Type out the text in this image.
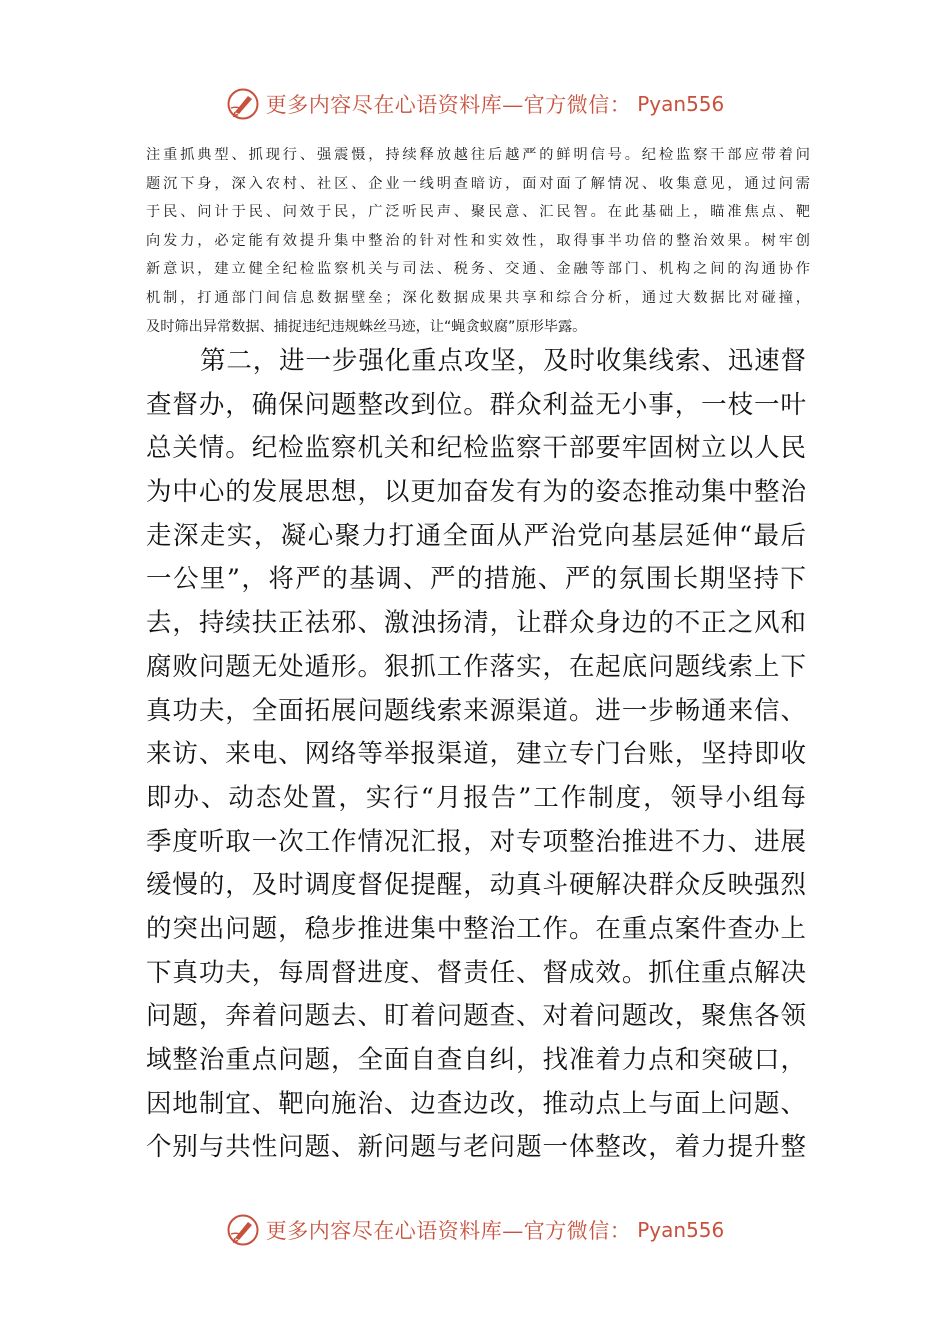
更多内容尽在心语资料库—官方微信： Pyan556
注重抓典型、抓现行、强震慑，持续释放越往后越严的鲜明信号。纪检监察干部应带着问
题沉下身，深入农村、社区、企业一线明查暗访，面对面了解情况、收集意见，通过问需
于民、问计于民、问效于民，广泛听民声、聚民意、汇民智。在此基础上，瞄准焦点、靶
向发力，必定能有效提升集中整治的针对性和实效性，取得事半功倍的整治效果。树牢创
新意识，建立健全纪检监察机关与司法、税务、交通、金融等部门、机构之间的沟通协作
机制，打通部门间信息数据壁垒；深化数据成果共享和综合分析，通过大数据比对碰撞，
及时筛出异常数据、捕捉违纪违规蛛丝马迹，让“蝇贪蚁腐”原形毕露。
第二，进一步强化重点攻坚，及时收集线索、迅速督
查督办，确保问题整改到位。群众利益无小事，一枝一叶
总关情。纪检监察机关和纪检监察干部要牢固树立以人民
为中心的发展思想，以更加奋发有为的姿态推动集中整治
走深走实，凝心聚力打通全面从严治党向基层延伸“最后
一公里”，将严的基调、严的措施、严的氛围长期坚持下
去，持续扶正祛邪、激浊扬清，让群众身边的不正之风和
腐败问题无处遁形。狠抓工作落实，在起底问题线索上下
真功夫，全面拓展问题线索来源渠道。进一步畅通来信、
来访、来电、网络等举报渠道，建立专门台账，坚持即收
即办、动态处置，实行“月报告”工作制度，领导小组每
季度听取一次工作情况汇报，对专项整治推进不力、进展
缓慢的，及时调度督促提醒，动真斗硬解决群众反映强烈
的突出问题，稳步推进集中整治工作。在重点案件查办上
下真功夫，每周督进度、督责任、督成效。抓住重点解决
问题，奔着问题去、盯着问题查、对着问题改，聚焦各领
域整治重点问题，全面自查自纠，找准着力点和突破口，
因地制宜、靶向施治、边查边改，推动点上与面上问题、
个别与共性问题、新问题与老问题一体整改，着力提升整
更多内容尽在心语资料库—官方微信： Pyan556
